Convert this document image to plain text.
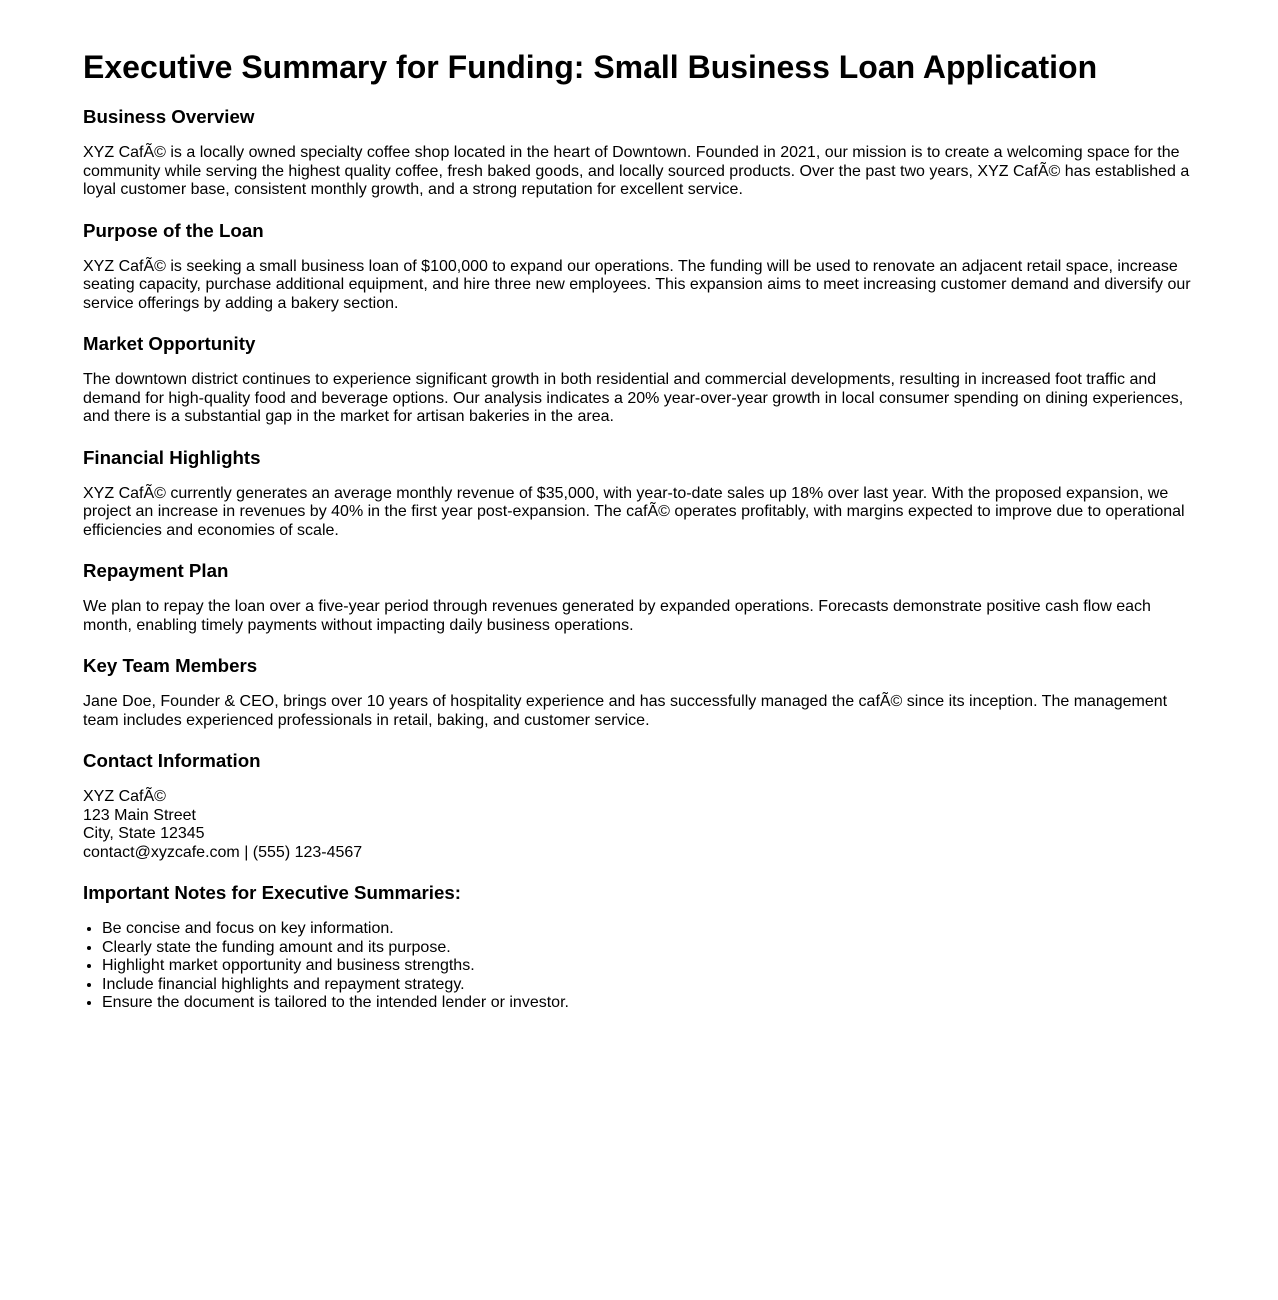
Executive Summary for Funding: Small Business Loan Application
Business Overview

XYZ CafÃ© is a locally owned specialty coffee shop located in the heart of Downtown. Founded in 2021, our mission is to create a welcoming space for the community while serving the highest quality coffee, fresh baked goods, and locally sourced products. Over the past two years, XYZ CafÃ© has established a loyal customer base, consistent monthly growth, and a strong reputation for excellent service.

Purpose of the Loan

XYZ CafÃ© is seeking a small business loan of $100,000 to expand our operations. The funding will be used to renovate an adjacent retail space, increase seating capacity, purchase additional equipment, and hire three new employees. This expansion aims to meet increasing customer demand and diversify our service offerings by adding a bakery section.

Market Opportunity

The downtown district continues to experience significant growth in both residential and commercial developments, resulting in increased foot traffic and demand for high-quality food and beverage options. Our analysis indicates a 20% year-over-year growth in local consumer spending on dining experiences, and there is a substantial gap in the market for artisan bakeries in the area.

Financial Highlights

XYZ CafÃ© currently generates an average monthly revenue of $35,000, with year-to-date sales up 18% over last year. With the proposed expansion, we project an increase in revenues by 40% in the first year post-expansion. The cafÃ© operates profitably, with margins expected to improve due to operational efficiencies and economies of scale.

Repayment Plan

We plan to repay the loan over a five-year period through revenues generated by expanded operations. Forecasts demonstrate positive cash flow each month, enabling timely payments without impacting daily business operations.

Key Team Members

Jane Doe, Founder & CEO, brings over 10 years of hospitality experience and has successfully managed the cafÃ© since its inception. The management team includes experienced professionals in retail, baking, and customer service.

Contact Information

XYZ CafÃ©
123 Main Street
City, State 12345
contact@xyzcafe.com | (555) 123-4567

Important Notes for Executive Summaries:
• Be concise and focus on key information.
• Clearly state the funding amount and its purpose.
• Highlight market opportunity and business strengths.
• Include financial highlights and repayment strategy.
• Ensure the document is tailored to the intended lender or investor.
